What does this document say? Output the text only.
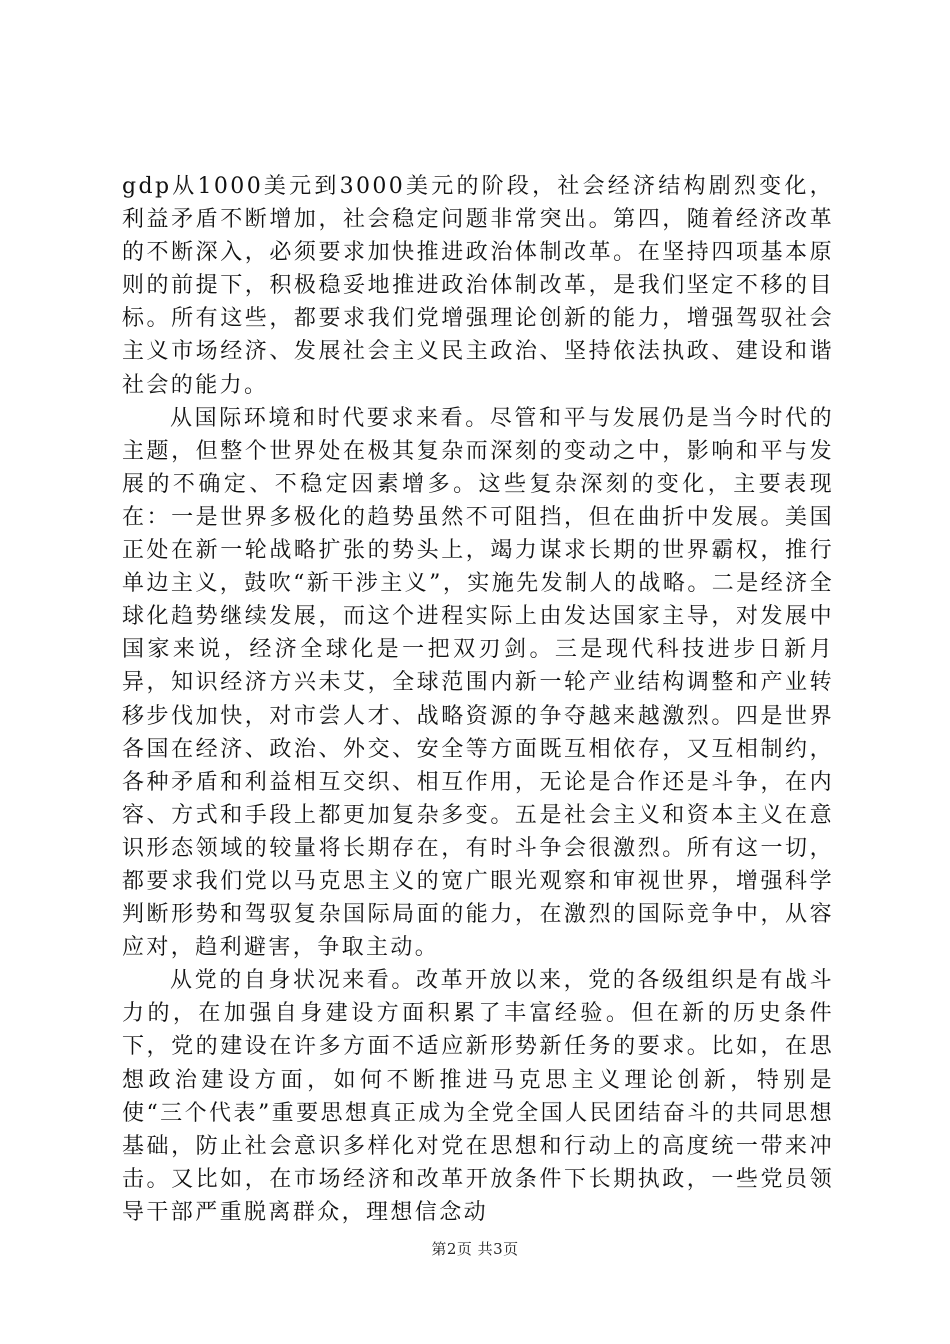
gdp从1000美元到3000美元的阶段，社会经济结构剧烈变化，利益矛盾不断增加，社会稳定问题非常突出。第四，随着经济改革的不断深入，必须要求加快推进政治体制改革。在坚持四项基本原则的前提下，积极稳妥地推进政治体制改革，是我们坚定不移的目标。所有这些，都要求我们党增强理论创新的能力，增强驾驭社会主义市场经济、发展社会主义民主政治、坚持依法执政、建设和谐社会的能力。

从国际环境和时代要求来看。尽管和平与发展仍是当今时代的主题，但整个世界处在极其复杂而深刻的变动之中，影响和平与发展的不确定、不稳定因素增多。这些复杂深刻的变化，主要表现在：一是世界多极化的趋势虽然不可阻挡，但在曲折中发展。美国正处在新一轮战略扩张的势头上，竭力谋求长期的世界霸权，推行单边主义，鼓吹“新干涉主义”，实施先发制人的战略。二是经济全球化趋势继续发展，而这个进程实际上由发达国家主导，对发展中国家来说，经济全球化是一把双刃剑。三是现代科技进步日新月异，知识经济方兴未艾，全球范围内新一轮产业结构调整和产业转移步伐加快，对市尝人才、战略资源的争夺越来越激烈。四是世界各国在经济、政治、外交、安全等方面既互相依存，又互相制约，各种矛盾和利益相互交织、相互作用，无论是合作还是斗争，在内容、方式和手段上都更加复杂多变。五是社会主义和资本主义在意识形态领域的较量将长期存在，有时斗争会很激烈。所有这一切，都要求我们党以马克思主义的宽广眼光观察和审视世界，增强科学判断形势和驾驭复杂国际局面的能力，在激烈的国际竞争中，从容应对，趋利避害，争取主动。

从党的自身状况来看。改革开放以来，党的各级组织是有战斗力的，在加强自身建设方面积累了丰富经验。但在新的历史条件下，党的建设在许多方面不适应新形势新任务的要求。比如，在思想政治建设方面，如何不断推进马克思主义理论创新，特别是使“三个代表”重要思想真正成为全党全国人民团结奋斗的共同思想基础，防止社会意识多样化对党在思想和行动上的高度统一带来冲击。又比如，在市场经济和改革开放条件下长期执政，一些党员领导干部严重脱离群众，理想信念动

第2页 共3页
